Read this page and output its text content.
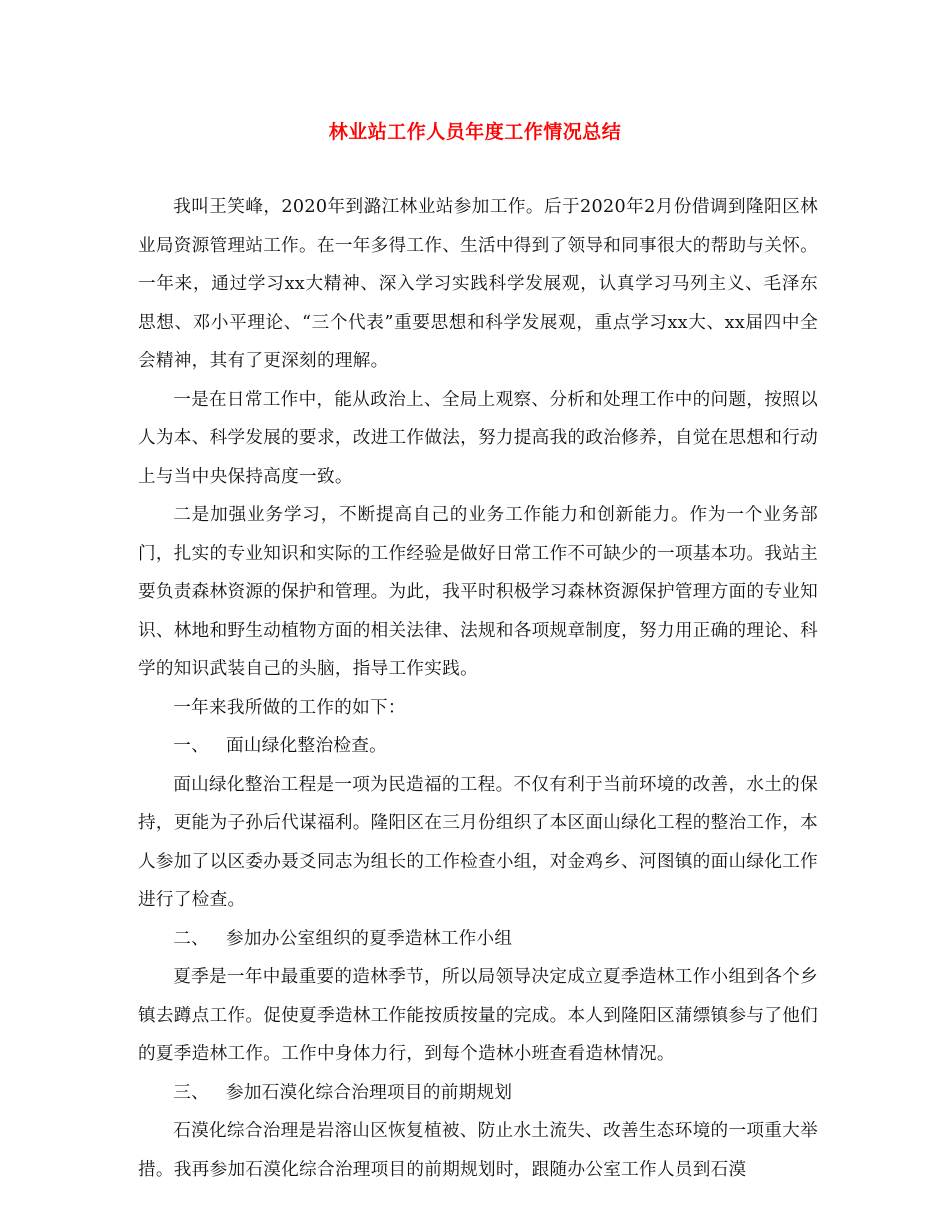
林业站工作人员年度工作情况总结

我叫王笑峰，2020年到潞江林业站参加工作。后于2020年2月份借调到隆阳区林业局资源管理站工作。在一年多得工作、生活中得到了领导和同事很大的帮助与关怀。一年来，通过学习xx大精神、深入学习实践科学发展观，认真学习马列主义、毛泽东思想、邓小平理论、“三个代表”重要思想和科学发展观，重点学习xx大、xx届四中全会精神，其有了更深刻的理解。

一是在日常工作中，能从政治上、全局上观察、分析和处理工作中的问题，按照以人为本、科学发展的要求，改进工作做法，努力提高我的政治修养，自觉在思想和行动上与当中央保持高度一致。

二是加强业务学习，不断提高自己的业务工作能力和创新能力。作为一个业务部门，扎实的专业知识和实际的工作经验是做好日常工作不可缺少的一项基本功。我站主要负责森林资源的保护和管理。为此，我平时积极学习森林资源保护管理方面的专业知识、林地和野生动植物方面的相关法律、法规和各项规章制度，努力用正确的理论、科学的知识武装自己的头脑，指导工作实践。

一年来我所做的工作的如下：

一、 面山绿化整治检查。

面山绿化整治工程是一项为民造福的工程。不仅有利于当前环境的改善，水土的保持，更能为子孙后代谋福利。隆阳区在三月份组织了本区面山绿化工程的整治工作，本人参加了以区委办聂爻同志为组长的工作检查小组，对金鸡乡、河图镇的面山绿化工作进行了检查。

二、 参加办公室组织的夏季造林工作小组

夏季是一年中最重要的造林季节，所以局领导决定成立夏季造林工作小组到各个乡镇去蹲点工作。促使夏季造林工作能按质按量的完成。本人到隆阳区蒲缥镇参与了他们的夏季造林工作。工作中身体力行，到每个造林小班查看造林情况。

三、 参加石漠化综合治理项目的前期规划

石漠化综合治理是岩溶山区恢复植被、防止水土流失、改善生态环境的一项重大举措。我再参加石漠化综合治理项目的前期规划时，跟随办公室工作人员到石漠
